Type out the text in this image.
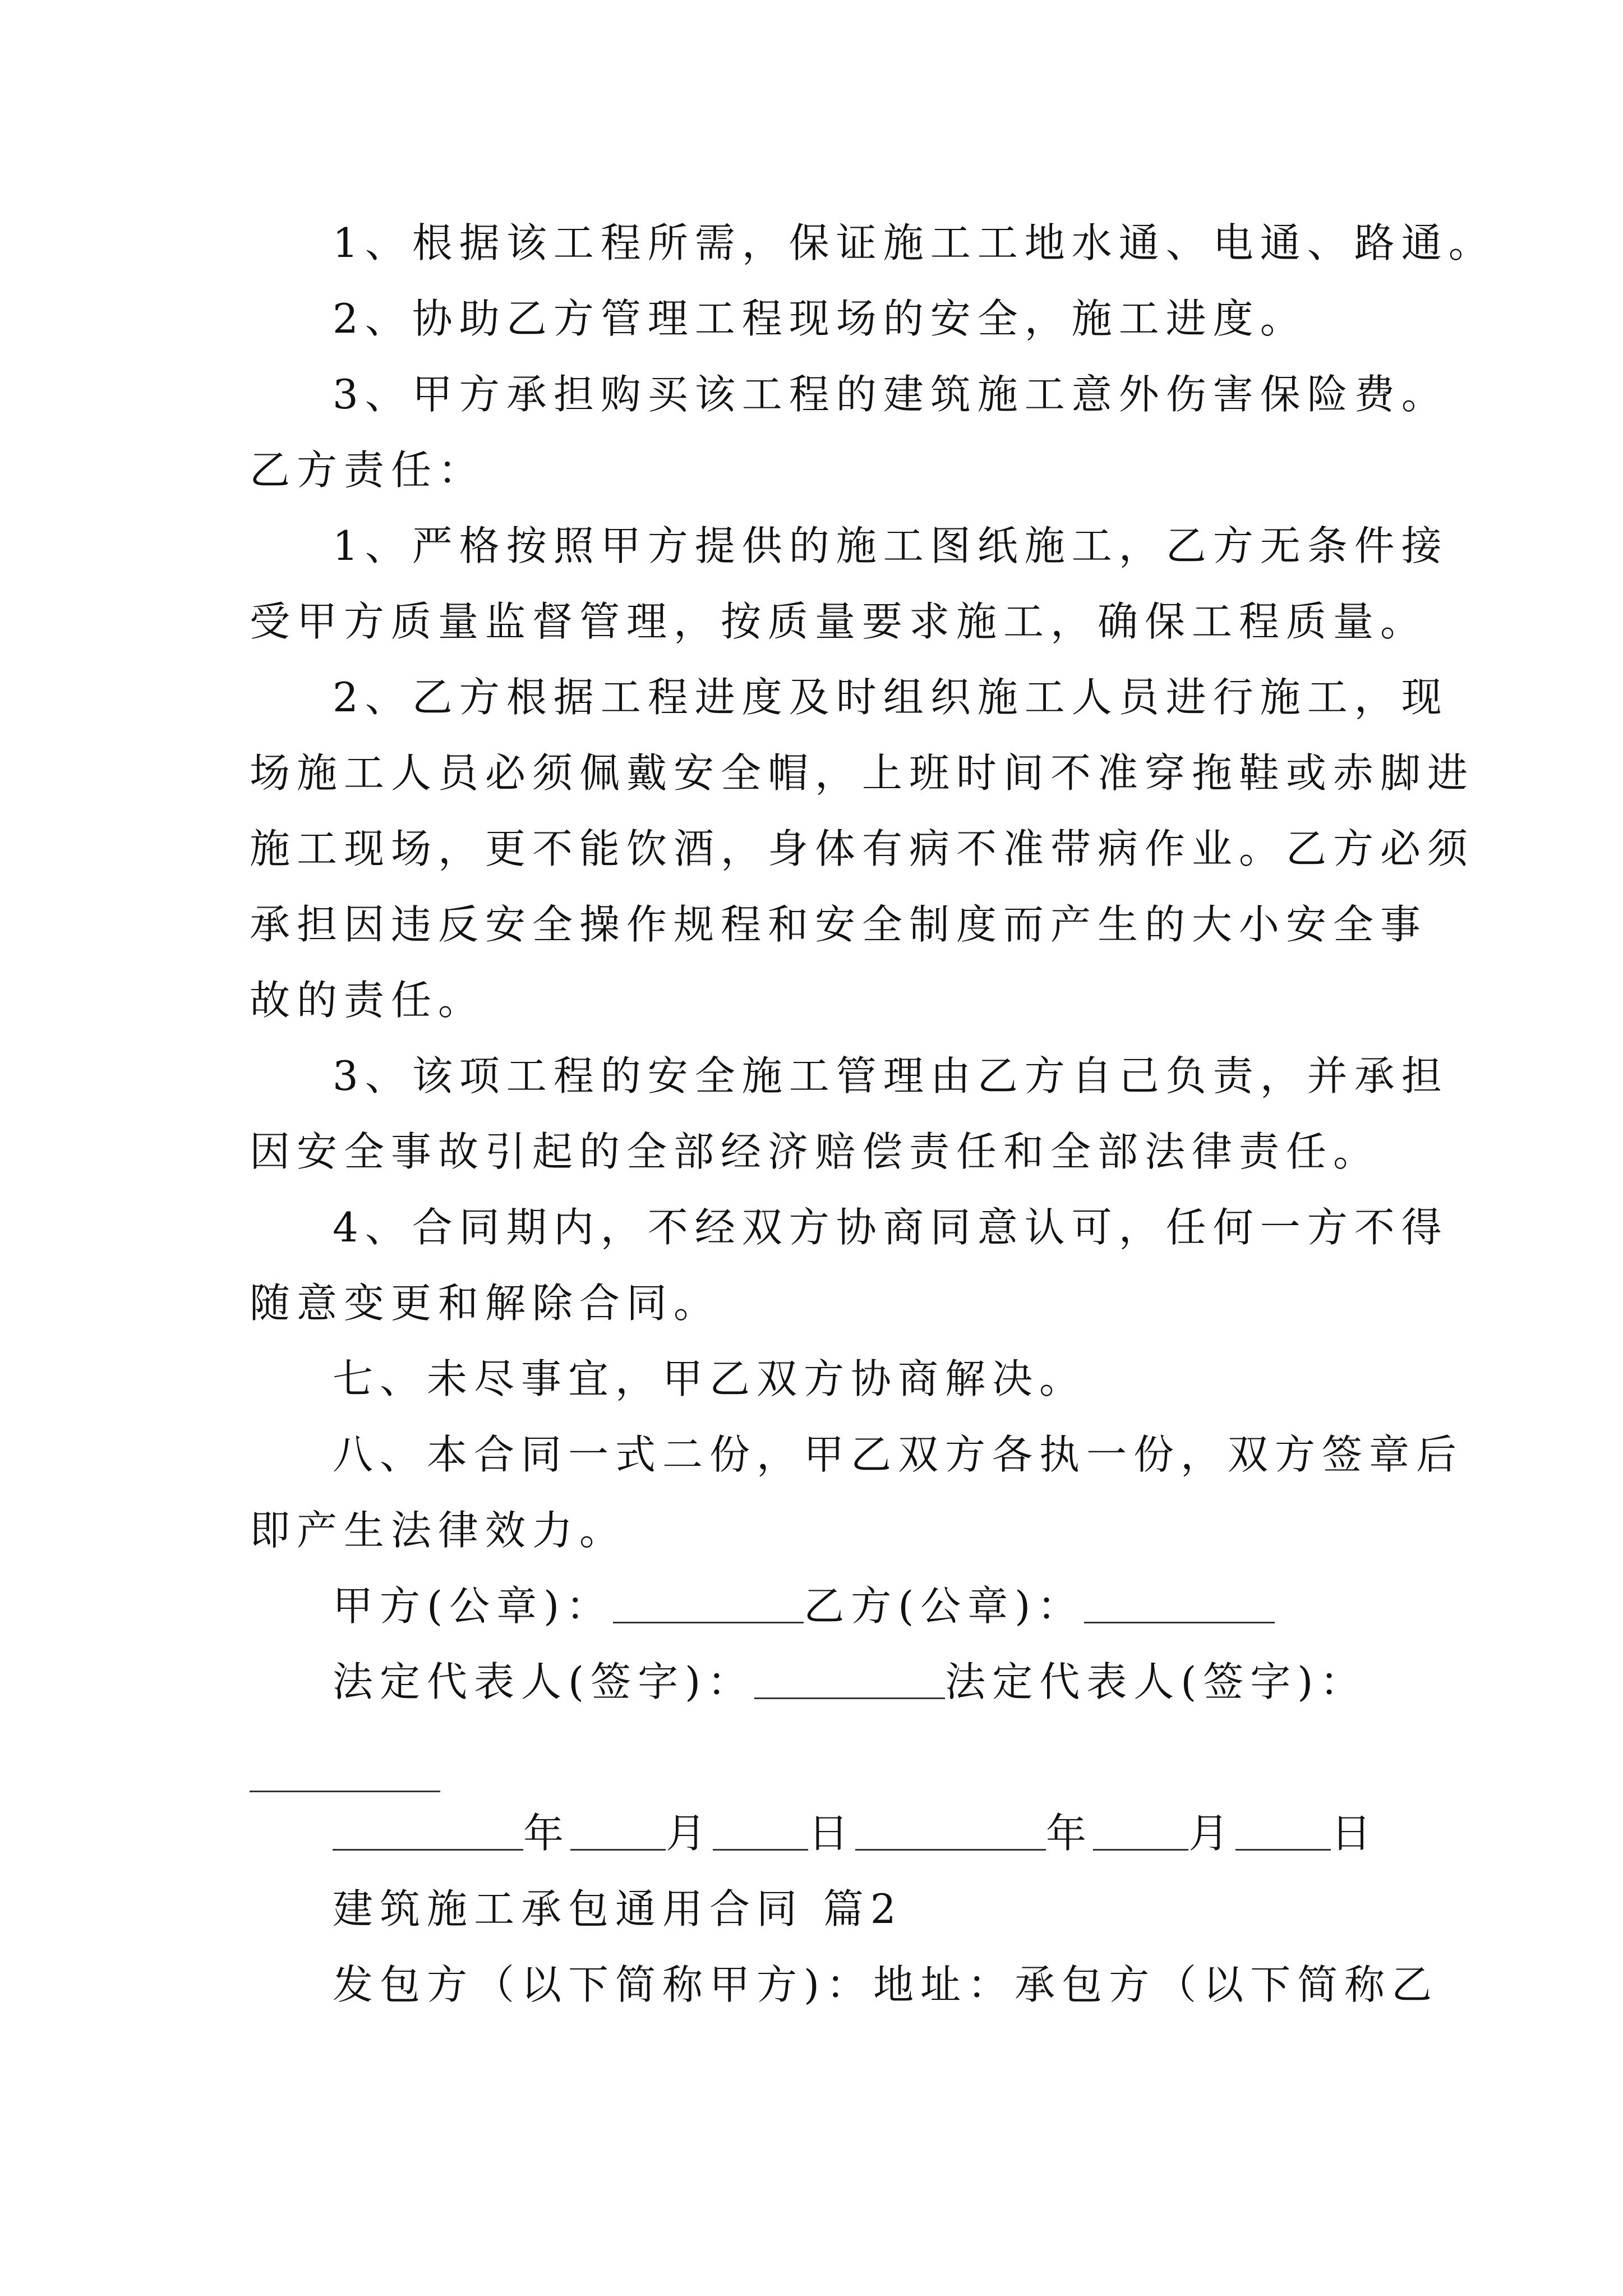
1、根据该工程所需，保证施工工地水通、电通、路通。
2、协助乙方管理工程现场的安全，施工进度。
3、甲方承担购买该工程的建筑施工意外伤害保险费。
乙方责任：
1、严格按照甲方提供的施工图纸施工，乙方无条件接
受甲方质量监督管理，按质量要求施工，确保工程质量。
2、乙方根据工程进度及时组织施工人员进行施工，现
场施工人员必须佩戴安全帽，上班时间不准穿拖鞋或赤脚进
施工现场，更不能饮酒，身体有病不准带病作业。乙方必须
承担因违反安全操作规程和安全制度而产生的大小安全事
故的责任。
3、该项工程的安全施工管理由乙方自己负责，并承担
因安全事故引起的全部经济赔偿责任和全部法律责任。
4、合同期内，不经双方协商同意认可，任何一方不得
随意变更和解除合同。
七、未尽事宜，甲乙双方协商解决。
八、本合同一式二份，甲乙双方各执一份，双方签章后
即产生法律效力。
甲方(公章)：	乙方(公章)：
法定代表人(签字)：	法定代表人(签字)：
年 月 日	年 月 日
建筑施工承包通用合同 篇2
发包方（以下简称甲方)：地址：承包方（以下简称乙
